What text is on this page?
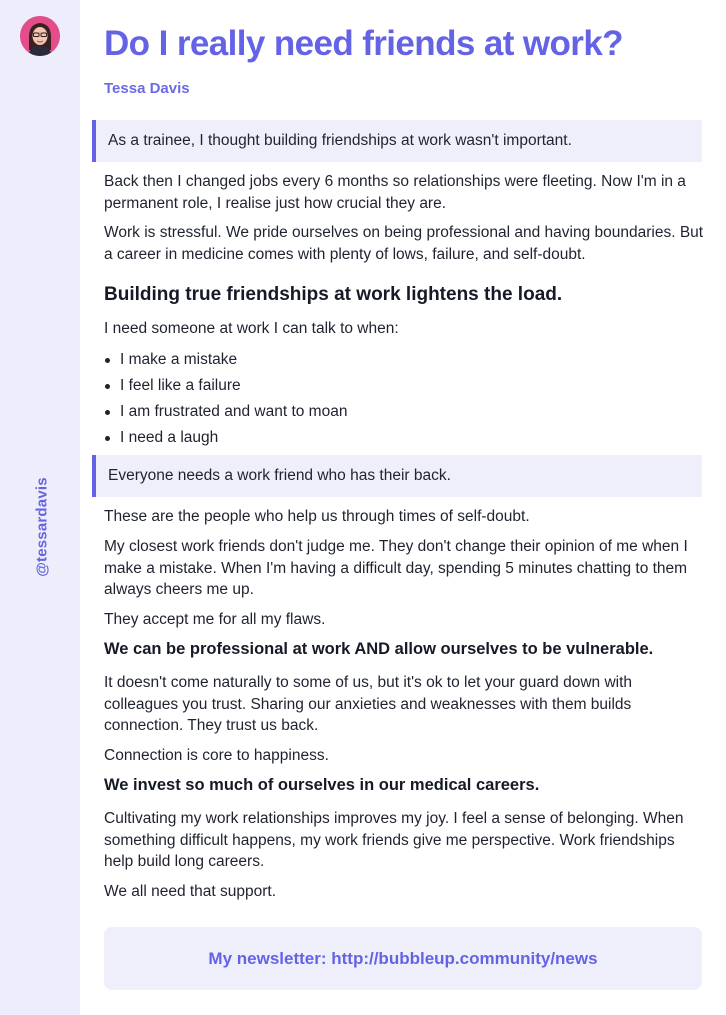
@tessardavis
Do I really need friends at work?
Tessa Davis
As a trainee, I thought building friendships at work wasn't important.

Back then I changed jobs every 6 months so relationships were fleeting. Now I'm in a permanent role, I realise just how crucial they are.

Work is stressful. We pride ourselves on being professional and having boundaries. But a career in medicine comes with plenty of lows, failure, and self-doubt.

Building true friendships at work lightens the load.

I need someone at work I can talk to when:

I make a mistake
I feel like a failure
I am frustrated and want to moan
I need a laugh
Everyone needs a work friend who has their back.

These are the people who help us through times of self-doubt.

My closest work friends don't judge me. They don't change their opinion of me when I make a mistake. When I'm having a difficult day, spending 5 minutes chatting to them always cheers me up.

They accept me for all my flaws.

We can be professional at work AND allow ourselves to be vulnerable.

It doesn't come naturally to some of us, but it's ok to let your guard down with colleagues you trust. Sharing our anxieties and weaknesses with them builds connection. They trust us back.

Connection is core to happiness.

We invest so much of ourselves in our medical careers.

Cultivating my work relationships improves my joy. I feel a sense of belonging. When something difficult happens, my work friends give me perspective. Work friendships help build long careers.

We all need that support.

My newsletter: http://bubbleup.community/news
